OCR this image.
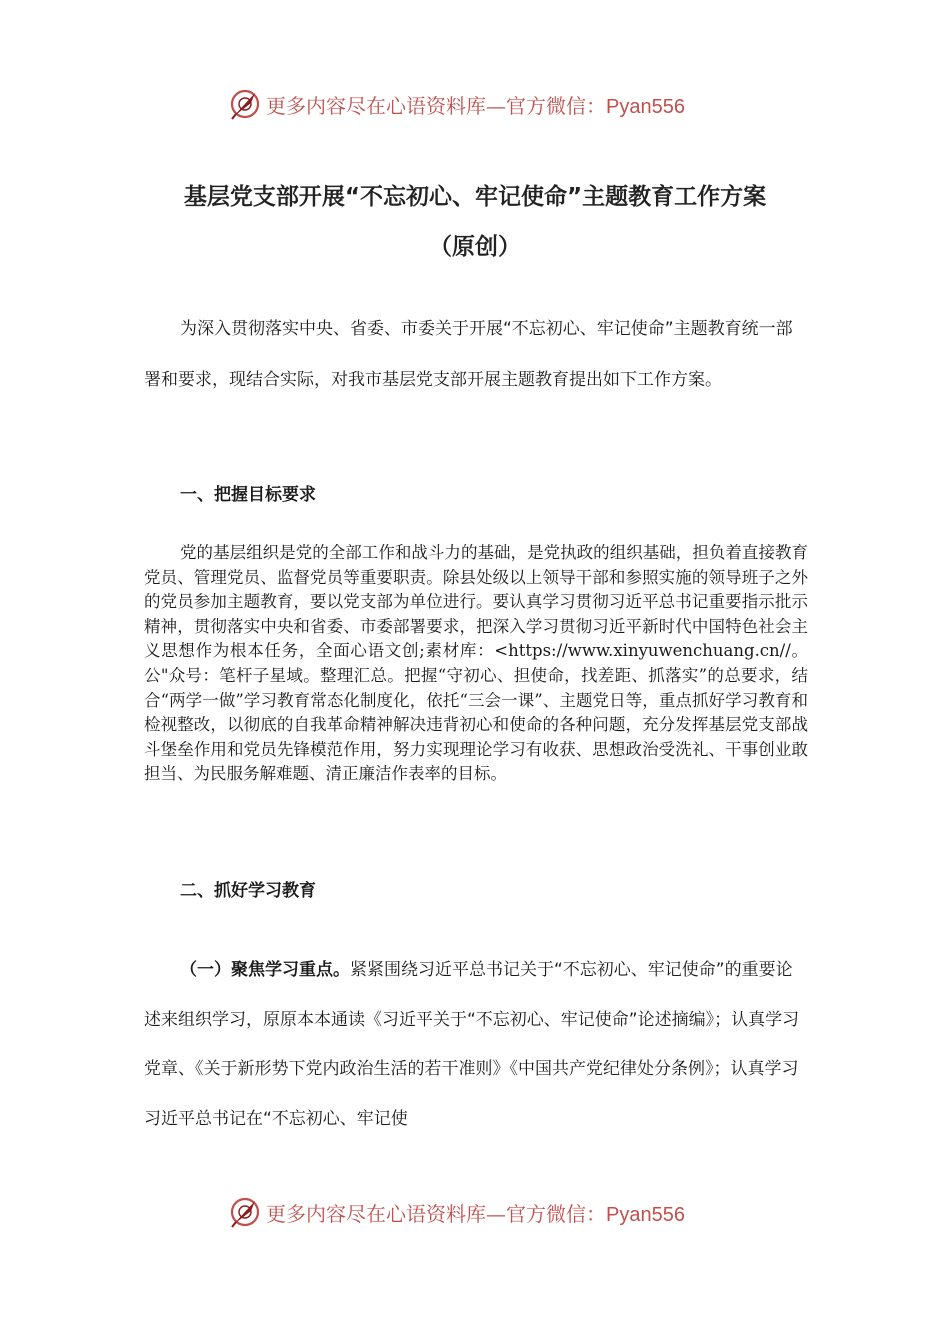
更多内容尽在心语资料库—官方微信：Pyan556
基层党支部开展“不忘初心、牢记使命”主题教育工作方案
（原创）

为深入贯彻落实中央、省委、市委关于开展“不忘初心、牢记使命”主题教育统一部署和要求，现结合实际，对我市基层党支部开展主题教育提出如下工作方案。

一、把握目标要求

党的基层组织是党的全部工作和战斗力的基础，是党执政的组织基础，担负着直接教育党员、管理党员、监督党员等重要职责。除县处级以上领导干部和参照实施的领导班子之外的党员参加主题教育，要以党支部为单位进行。要认真学习贯彻习近平总书记重要指示批示精神，贯彻落实中央和省委、市委部署要求，把深入学习贯彻习近平新时代中国特色社会主义思想作为根本任务，全面心语文创;素材库：<https://www.xinyuwenchuang.cn//。公"众号：笔杆子星域。整理汇总。把握“守初心、担使命，找差距、抓落实”的总要求，结合“两学一做”学习教育常态化制度化，依托“三会一课”、主题党日等，重点抓好学习教育和检视整改，以彻底的自我革命精神解决违背初心和使命的各种问题，充分发挥基层党支部战斗堡垒作用和党员先锋模范作用，努力实现理论学习有收获、思想政治受洗礼、干事创业敢担当、为民服务解难题、清正廉洁作表率的目标。

二、抓好学习教育

（一）聚焦学习重点。紧紧围绕习近平总书记关于“不忘初心、牢记使命”的重要论述来组织学习，原原本本通读《习近平关于“不忘初心、牢记使命”论述摘编》；认真学习党章、《关于新形势下党内政治生活的若干准则》《中国共产党纪律处分条例》；认真学习习近平总书记在“不忘初心、牢记使

更多内容尽在心语资料库—官方微信：Pyan556
